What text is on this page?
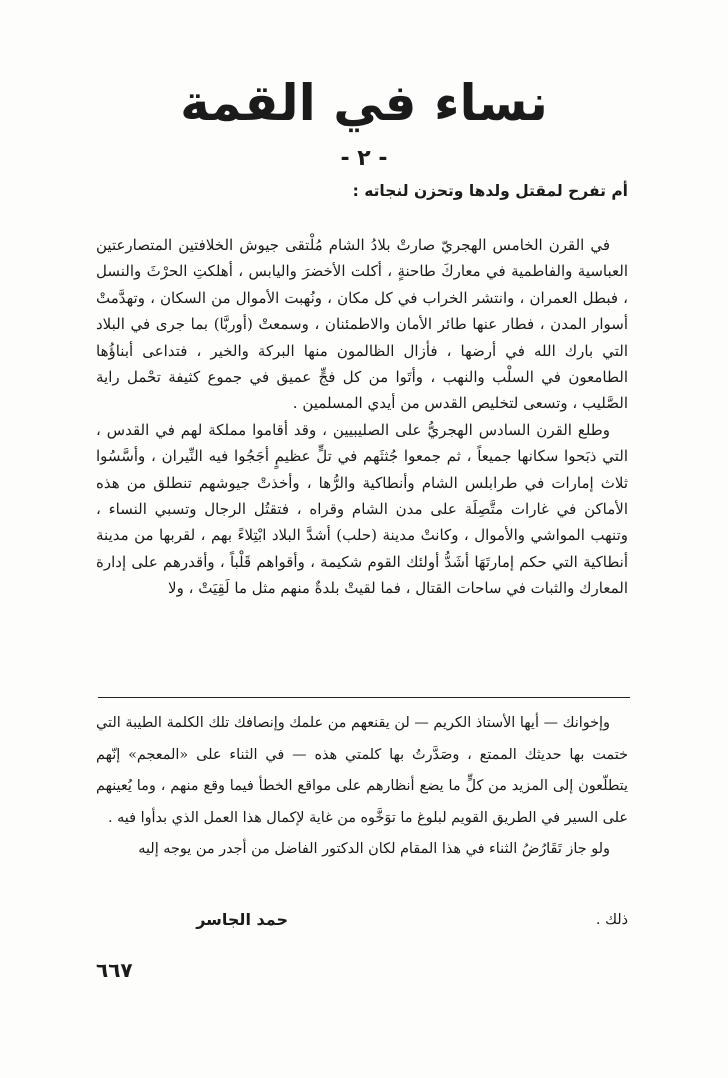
نساء في القمة
- ٢ -
أم تفرح لمقتل ولدها وتحزن لنجاته :

في القرن الخامس الهجريّ صارتْ بلادُ الشام مُلْتقى جيوش الخلافتين المتصارعتين العباسية والفاطمية في معاركَ طاحنةٍ ، أكلت الأخضرَ واليابس ، أهلكتِ الحرْثَ والنسل ، فبطل العمران ، وانتشر الخراب في كل مكان ، ونُهبت الأموال من السكان ، وتهدَّمتْ أسوار المدن ، فطار عنها طائر الأمان والاطمئنان ، وسمعتْ (أوربَّا) بما جرى في البلاد التي بارك الله في أرضها ، فأزال الظالمون منها البركة والخير ، فتداعى أبناؤُها الطامعون في السلْب والنهب ، وأتَوا من كل فجٍّ عميق في جموع كثيفة تحْمل راية الصَّليب ، وتسعى لتخليص القدس من أيدي المسلمين .

وطلع القرن السادس الهجريُّ على الصليبيين ، وقد أقاموا مملكة لهم في القدس ، التي ذبَحوا سكانها جميعاً ، ثم جمعوا جُثثَهم في تلٍّ عظيمٍ أجَجُوا فيه النِّيران ، وأسَّسُوا ثلاث إمارات في طرابلس الشام وأنطاكية والرُّها ، وأخذتْ جيوشهم تنطلق من هذه الأماكن في غارات متَّصِلَة على مدن الشام وقراه ، فتقتُل الرجال وتسبي النساء ، وتنهب المواشي والأموال ، وكانتْ مدينة (حلب) أشدَّ البلاد ابْتِلاءً بهم ، لقربها من مدينة أنطاكية التي حكم إمارتَهَا أشَدُّ أولئك القوم شكيمة ، وأقواهم قَلْباً ، وأقدرهم على إدارة المعارك والثبات في ساحات القتال ، فما لقيتْ بلدةٌ منهم مثل ما لَقِيَتْ ، ولا

وإخوانك — أيها الأستاذ الكريم — لن يقنعهم من علمك وإنصافك تلك الكلمة الطيبة التي ختمت بها حديثك الممتع ، وصَدَّرتُ بها كلمتي هذه — في الثناء على «المعجم» إنّهم يتطلّعون إلى المزيد من كلٍّ ما يضع أنظارهم على مواقع الخطأ فيما وقع منهم ، وما يُعينهم على السير في الطريق القويم لبلوغ ما توَخَّوه من غاية لإكمال هذا العمل الذي بدأوا فيه .

ولو جاز تَقَارُضُ الثناء في هذا المقام لكان الدكتور الفاضل من أجدر من يوجه إليه

ذلك .
حمد الجاسر
٦٦٧
